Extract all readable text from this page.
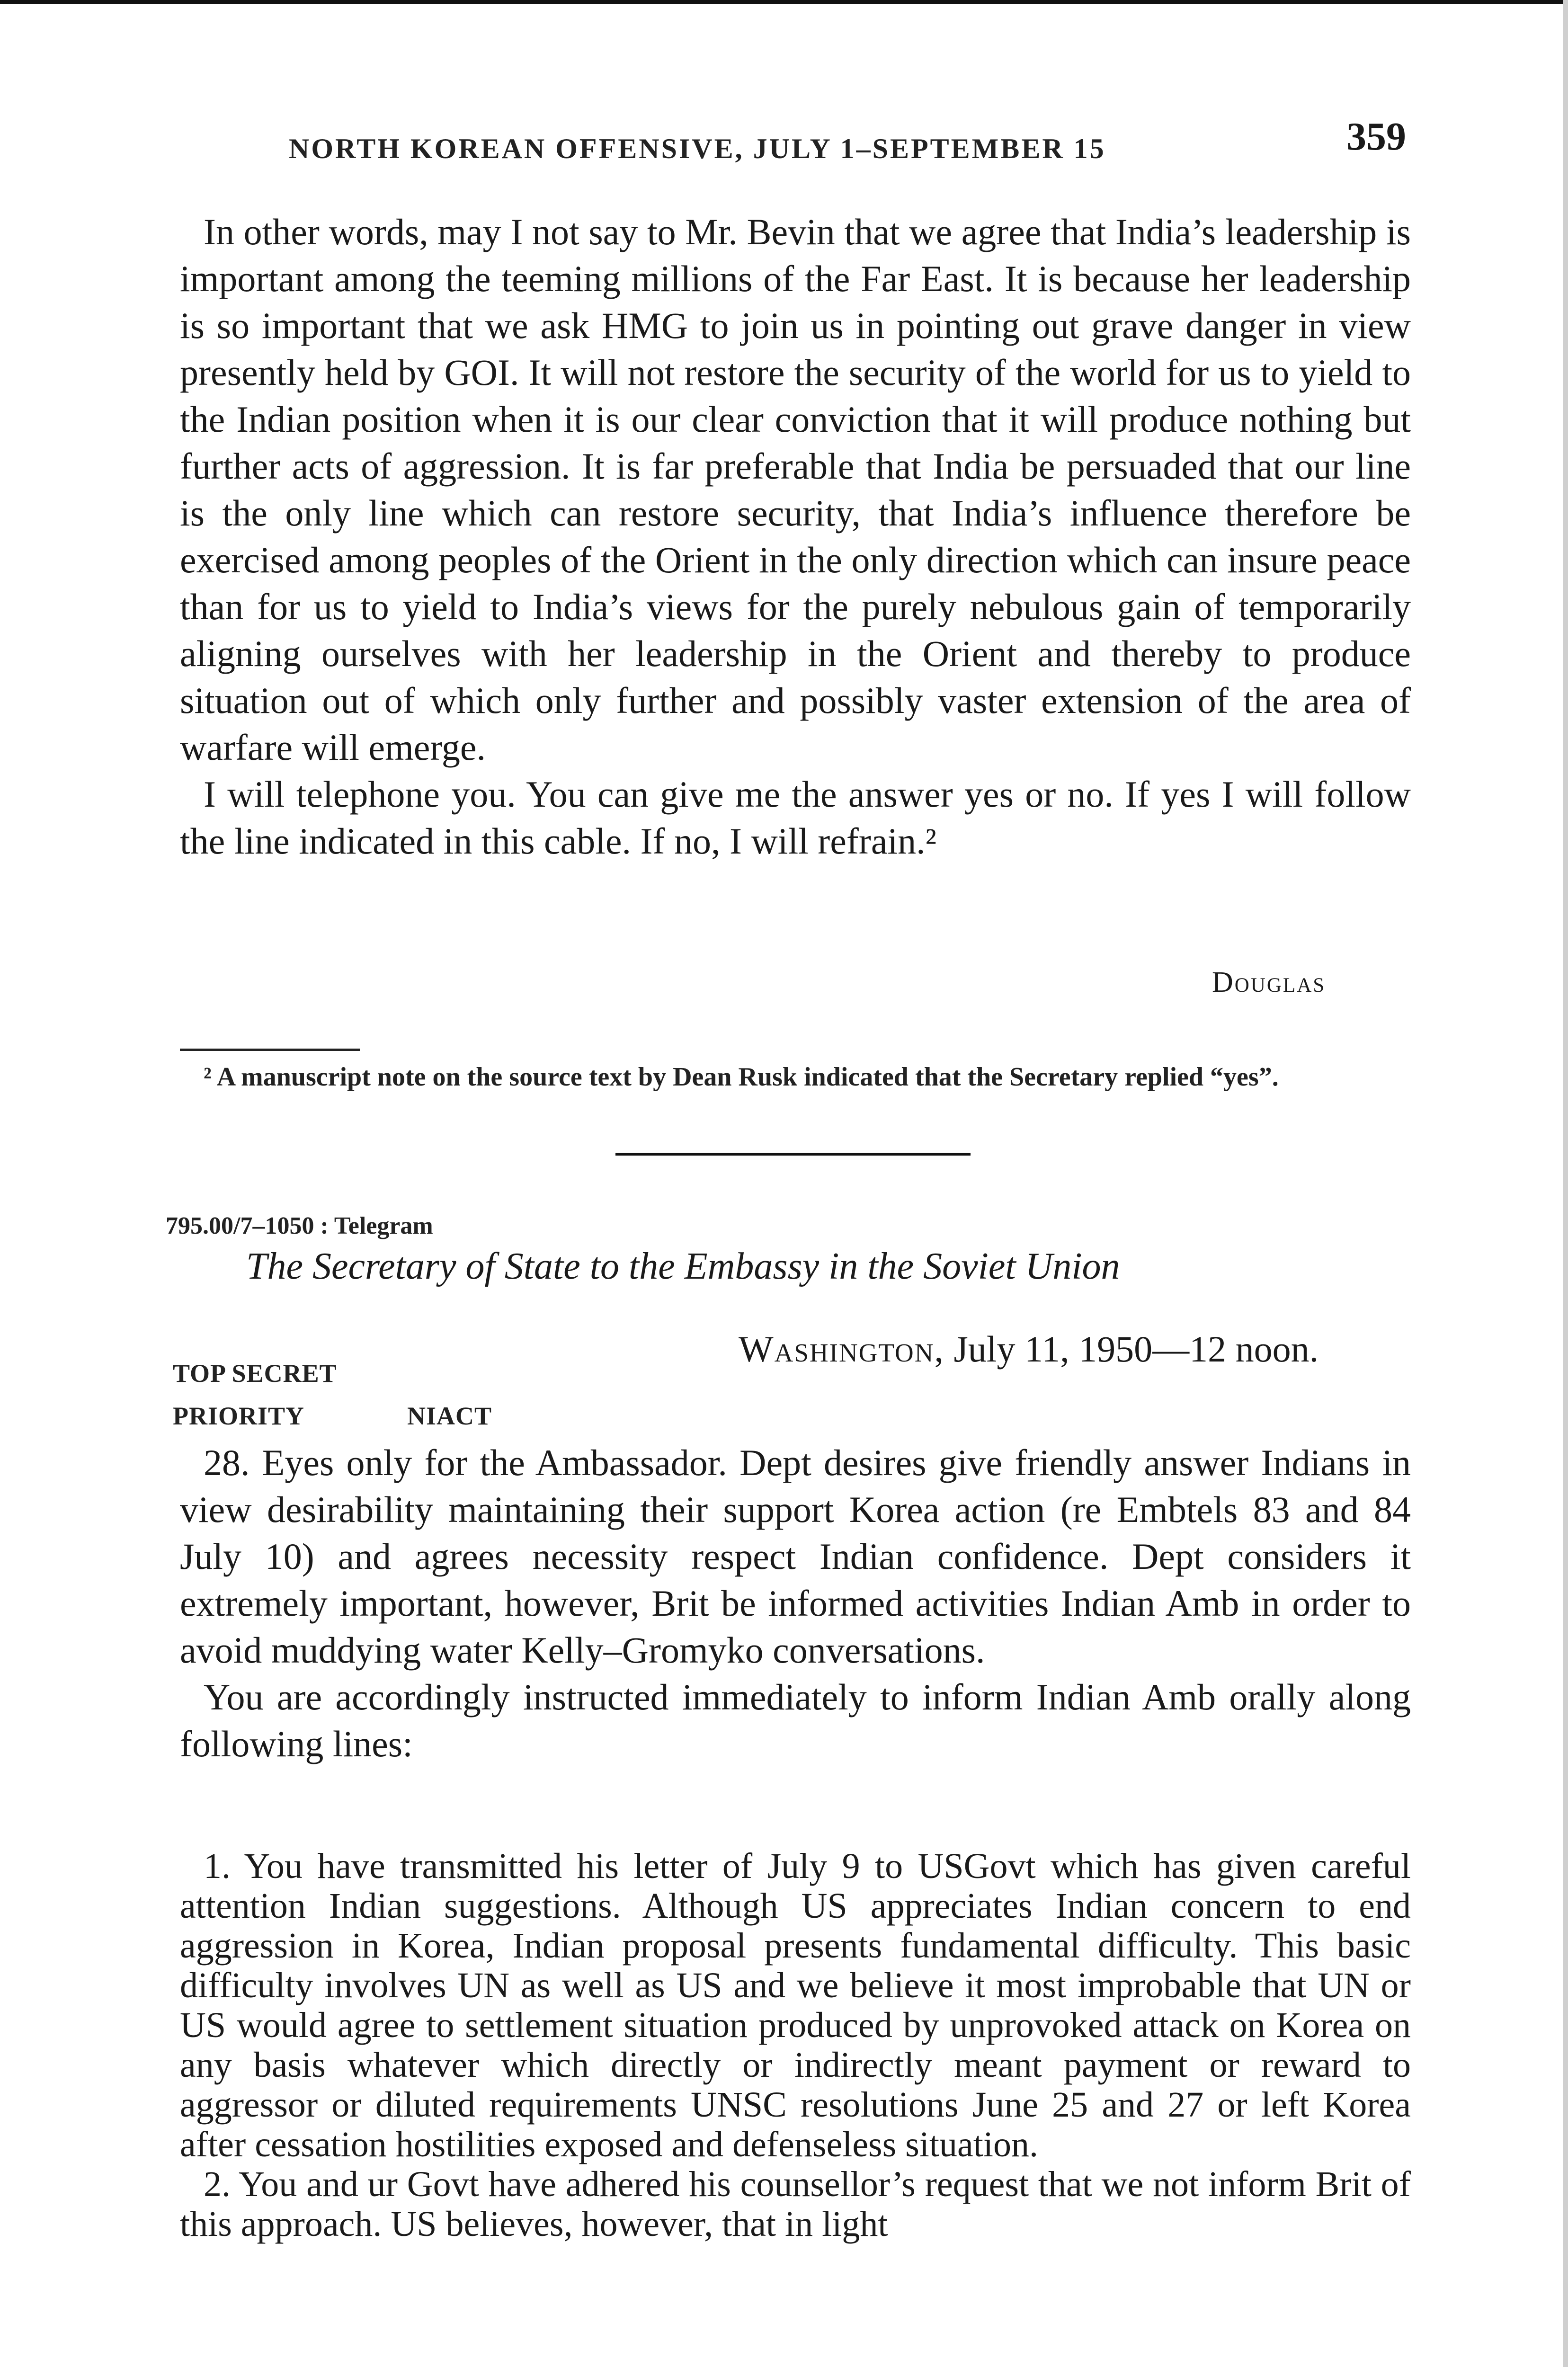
NORTH KOREAN OFFENSIVE, JULY 1–SEPTEMBER 15	359

In other words, may I not say to Mr. Bevin that we agree that India’s leadership is important among the teeming millions of the Far East. It is because her leadership is so important that we ask HMG to join us in pointing out grave danger in view presently held by GOI. It will not restore the security of the world for us to yield to the Indian position when it is our clear conviction that it will produce nothing but further acts of aggression. It is far preferable that India be persuaded that our line is the only line which can restore security, that India’s influence therefore be exercised among peoples of the Orient in the only direction which can insure peace than for us to yield to India’s views for the purely nebulous gain of temporarily aligning ourselves with her leadership in the Orient and thereby to produce situation out of which only further and possibly vaster extension of the area of warfare will emerge.

I will telephone you. You can give me the answer yes or no. If yes I will follow the line indicated in this cable. If no, I will refrain.²

Douglas
² A manuscript note on the source text by Dean Rusk indicated that the Secretary replied “yes”.
795.00/7–1050 : Telegram
The Secretary of State to the Embassy in the Soviet Union
Washington, July 11, 1950—12 noon.
TOP SECRET
PRIORITY	NIACT

28. Eyes only for the Ambassador. Dept desires give friendly answer Indians in view desirability maintaining their support Korea action (re Embtels 83 and 84 July 10) and agrees necessity respect Indian confidence. Dept considers it extremely important, however, Brit be informed activities Indian Amb in order to avoid muddying water Kelly–Gromyko conversations.

You are accordingly instructed immediately to inform Indian Amb orally along following lines:

1. You have transmitted his letter of July 9 to USGovt which has given careful attention Indian suggestions. Although US appreciates Indian concern to end aggression in Korea, Indian proposal presents fundamental difficulty. This basic difficulty involves UN as well as US and we believe it most improbable that UN or US would agree to settlement situation produced by unprovoked attack on Korea on any basis whatever which directly or indirectly meant payment or reward to aggressor or diluted requirements UNSC resolutions June 25 and 27 or left Korea after cessation hostilities exposed and defenseless situation.

2. You and ur Govt have adhered his counsellor’s request that we not inform Brit of this approach. US believes, however, that in light
